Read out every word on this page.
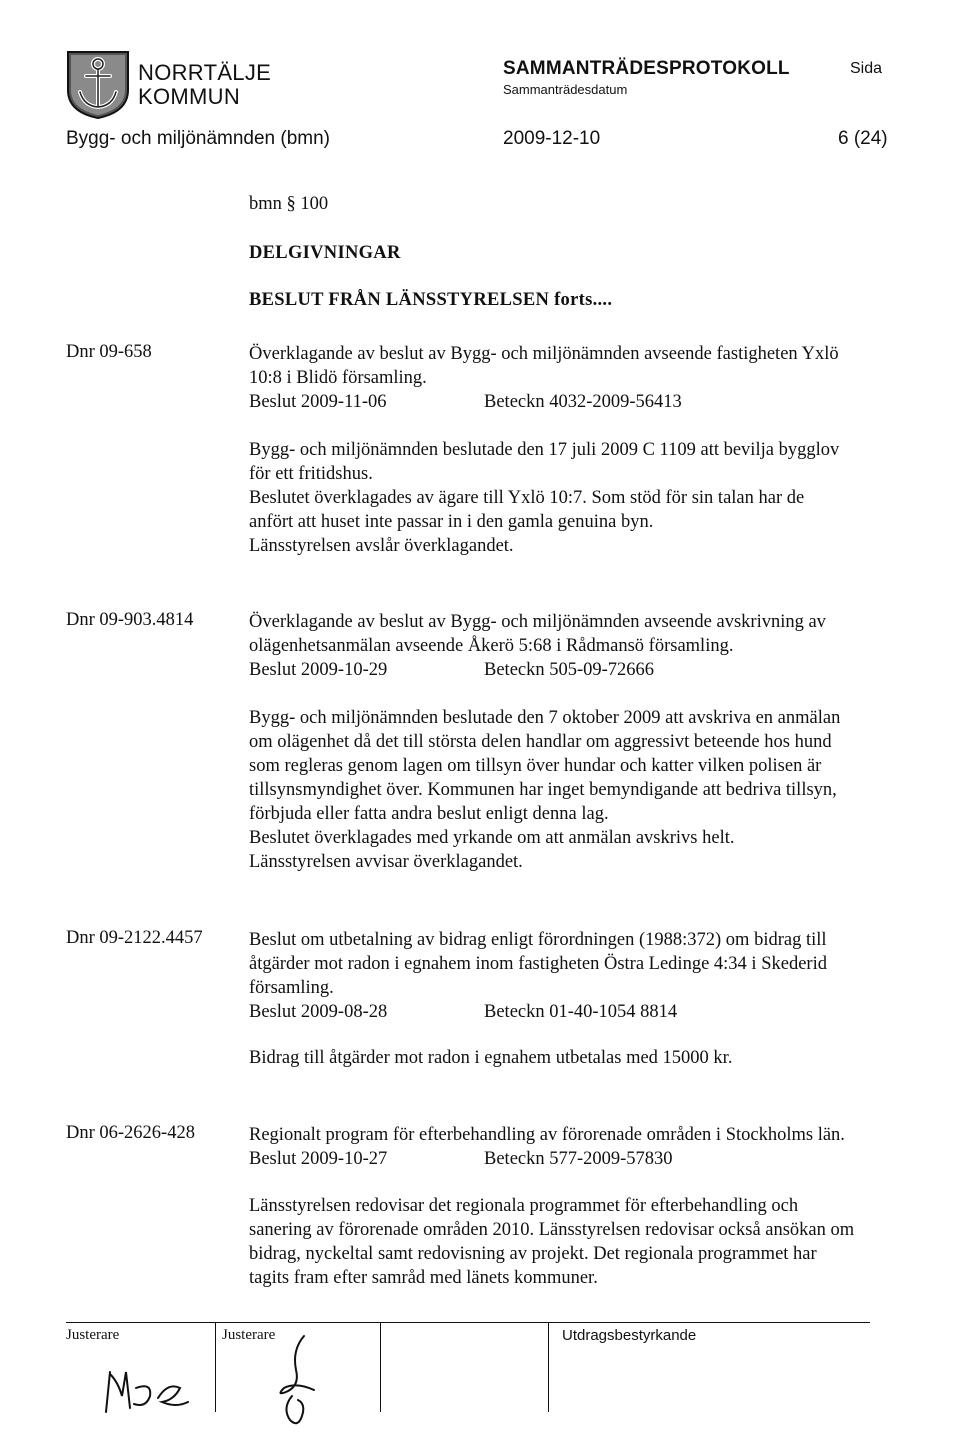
NORRTÄLJE
KOMMUN
SAMMANTRÄDESPROTOKOLL
Sammanträdesdatum
Sida
Bygg- och miljönämnden (bmn)	2009-12-10	6 (24)
bmn § 100
DELGIVNINGAR
BESLUT FRÅN LÄNSSTYRELSEN forts....
Dnr 09-658	Överklagande av beslut av Bygg- och miljönämnden avseende fastigheten Yxlö
10:8 i Blidö församling.
Beslut 2009-11-06	Beteckn 4032-2009-56413
Bygg- och miljönämnden beslutade den 17 juli 2009 C 1109 att bevilja bygglov
för ett fritidshus.
Beslutet överklagades av ägare till Yxlö 10:7. Som stöd för sin talan har de
anfört att huset inte passar in i den gamla genuina byn.
Länsstyrelsen avslår överklagandet.
Dnr 09-903.4814	Överklagande av beslut av Bygg- och miljönämnden avseende avskrivning av
olägenhetsanmälan avseende Åkerö 5:68 i Rådmansö församling.
Beslut 2009-10-29	Beteckn 505-09-72666
Bygg- och miljönämnden beslutade den 7 oktober 2009 att avskriva en anmälan
om olägenhet då det till största delen handlar om aggressivt beteende hos hund
som regleras genom lagen om tillsyn över hundar och katter vilken polisen är
tillsynsmyndighet över. Kommunen har inget bemyndigande att bedriva tillsyn,
förbjuda eller fatta andra beslut enligt denna lag.
Beslutet överklagades med yrkande om att anmälan avskrivs helt.
Länsstyrelsen avvisar överklagandet.
Dnr 09-2122.4457	Beslut om utbetalning av bidrag enligt förordningen (1988:372) om bidrag till
åtgärder mot radon i egnahem inom fastigheten Östra Ledinge 4:34 i Skederid
församling.
Beslut 2009-08-28	Beteckn 01-40-1054 8814
Bidrag till åtgärder mot radon i egnahem utbetalas med 15000 kr.
Dnr 06-2626-428	Regionalt program för efterbehandling av förorenade områden i Stockholms län.
Beslut 2009-10-27	Beteckn 577-2009-57830
Länsstyrelsen redovisar det regionala programmet för efterbehandling och
sanering av förorenade områden 2010. Länsstyrelsen redovisar också ansökan om
bidrag, nyckeltal samt redovisning av projekt. Det regionala programmet har
tagits fram efter samråd med länets kommuner.
Justerare	Justerare	Utdragsbestyrkande
